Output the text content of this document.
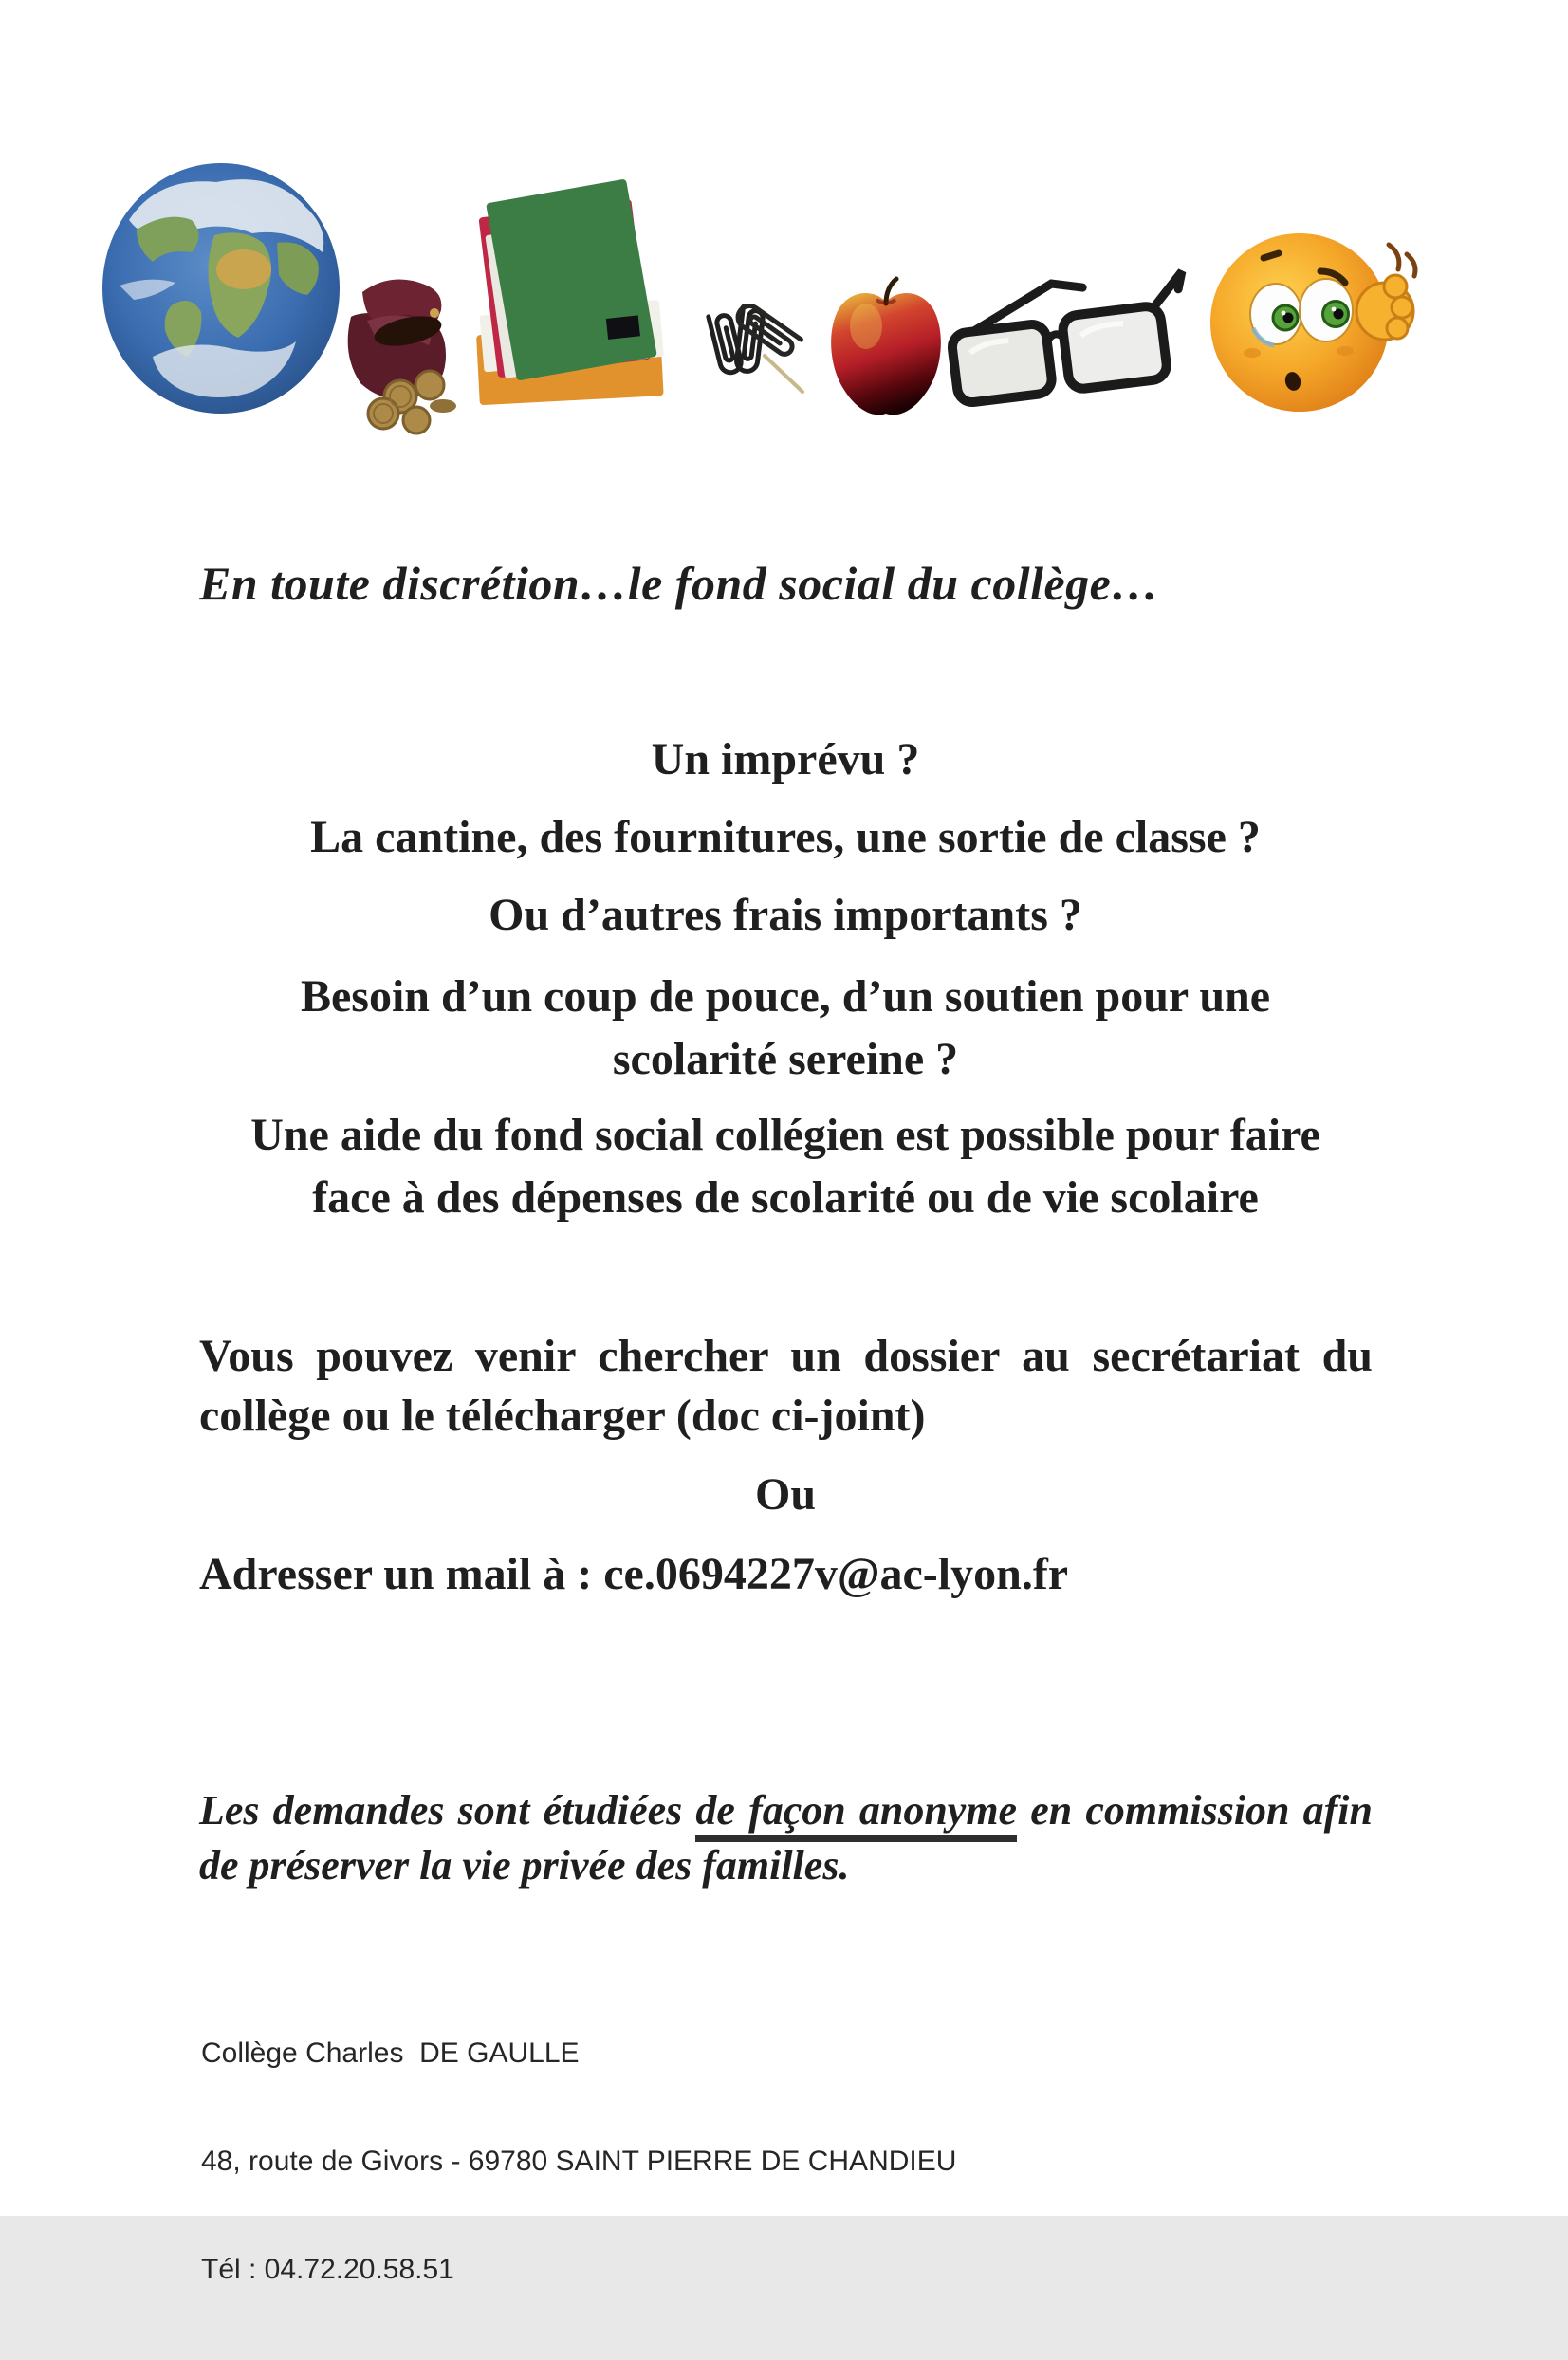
En toute discrétion…le fond social du collège…

Un imprévu ?

La cantine, des fournitures, une sortie de classe ?

Ou d’autres frais importants ?

Besoin d’un coup de pouce, d’un soutien pour une
scolarité sereine ?

Une aide du fond social collégien est possible pour faire
face à des dépenses de scolarité ou de vie scolaire

Vous pouvez venir chercher un dossier au secrétariat du
collège ou le télécharger (doc ci-joint)

Ou

Adresser un mail à : ce.0694227v@ac-lyon.fr

Les demandes sont étudiées de façon anonyme en commission afin
de préserver la vie privée des familles.

Collège Charles  DE GAULLE

48, route de Givors - 69780 SAINT PIERRE DE CHANDIEU

Tél : 04.72.20.58.51
